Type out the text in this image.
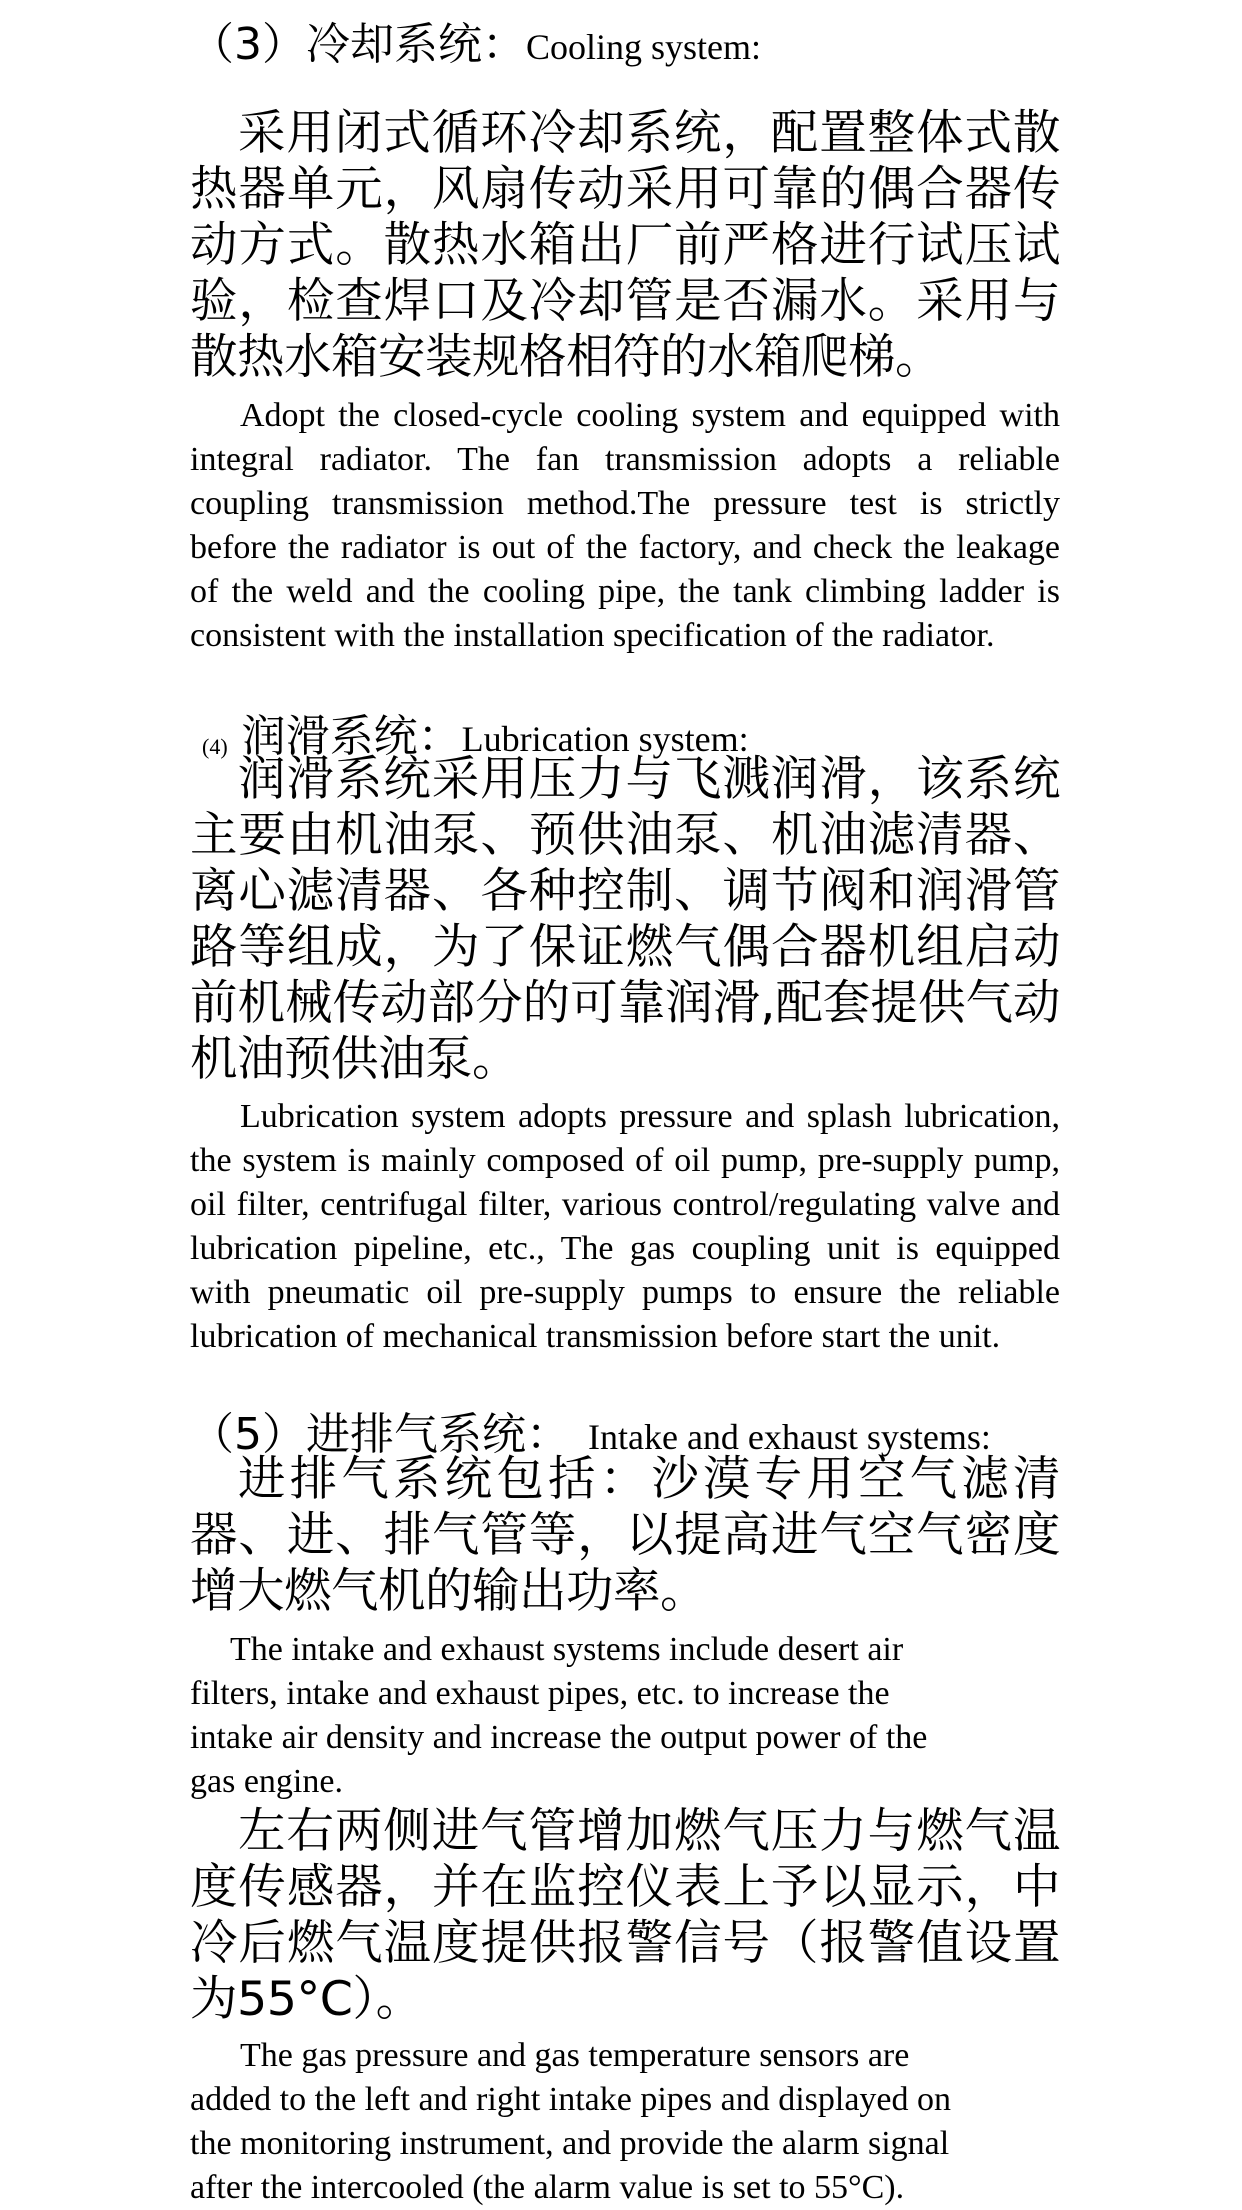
（3）冷却系统：Cooling system:

采用闭式循环冷却系统，配置整体式散热器单元，风扇传动采用可靠的偶合器传动方式。散热水箱出厂前严格进行试压试验，检查焊口及冷却管是否漏水。采用与散热水箱安装规格相符的水箱爬梯。

Adopt the closed-cycle cooling system and equipped with integral radiator. The fan transmission adopts a reliable coupling transmission method.The pressure test is strictly before the radiator is out of the factory, and check the leakage of the weld and the cooling pipe, the tank climbing ladder is consistent with the installation specification of the radiator.

(4) 润滑系统：Lubrication system:

润滑系统采用压力与飞溅润滑，该系统主要由机油泵、预供油泵、机油滤清器、离心滤清器、各种控制、调节阀和润滑管路等组成，为了保证燃气偶合器机组启动前机械传动部分的可靠润滑,配套提供气动机油预供油泵。

Lubrication system adopts pressure and splash lubrication, the system is mainly composed of oil pump, pre-supply pump, oil filter, centrifugal filter, various control/regulating valve and lubrication pipeline, etc., The gas coupling unit is equipped with pneumatic oil pre-supply pumps to ensure the reliable lubrication of mechanical transmission before start the unit.

（5）进排气系统： Intake and exhaust systems:

进排气系统包括：沙漠专用空气滤清器、进、排气管等，以提高进气空气密度增大燃气机的输出功率。

The intake and exhaust systems include desert air
filters, intake and exhaust pipes, etc. to increase the
intake air density and increase the output power of the
gas engine.

左右两侧进气管增加燃气压力与燃气温度传感器，并在监控仪表上予以显示，中冷后燃气温度提供报警信号（报警值设置为55°C）。

The gas pressure and gas temperature sensors are
added to the left and right intake pipes and displayed on
the monitoring instrument, and provide the alarm signal
after the intercooled (the alarm value is set to 55°C).
